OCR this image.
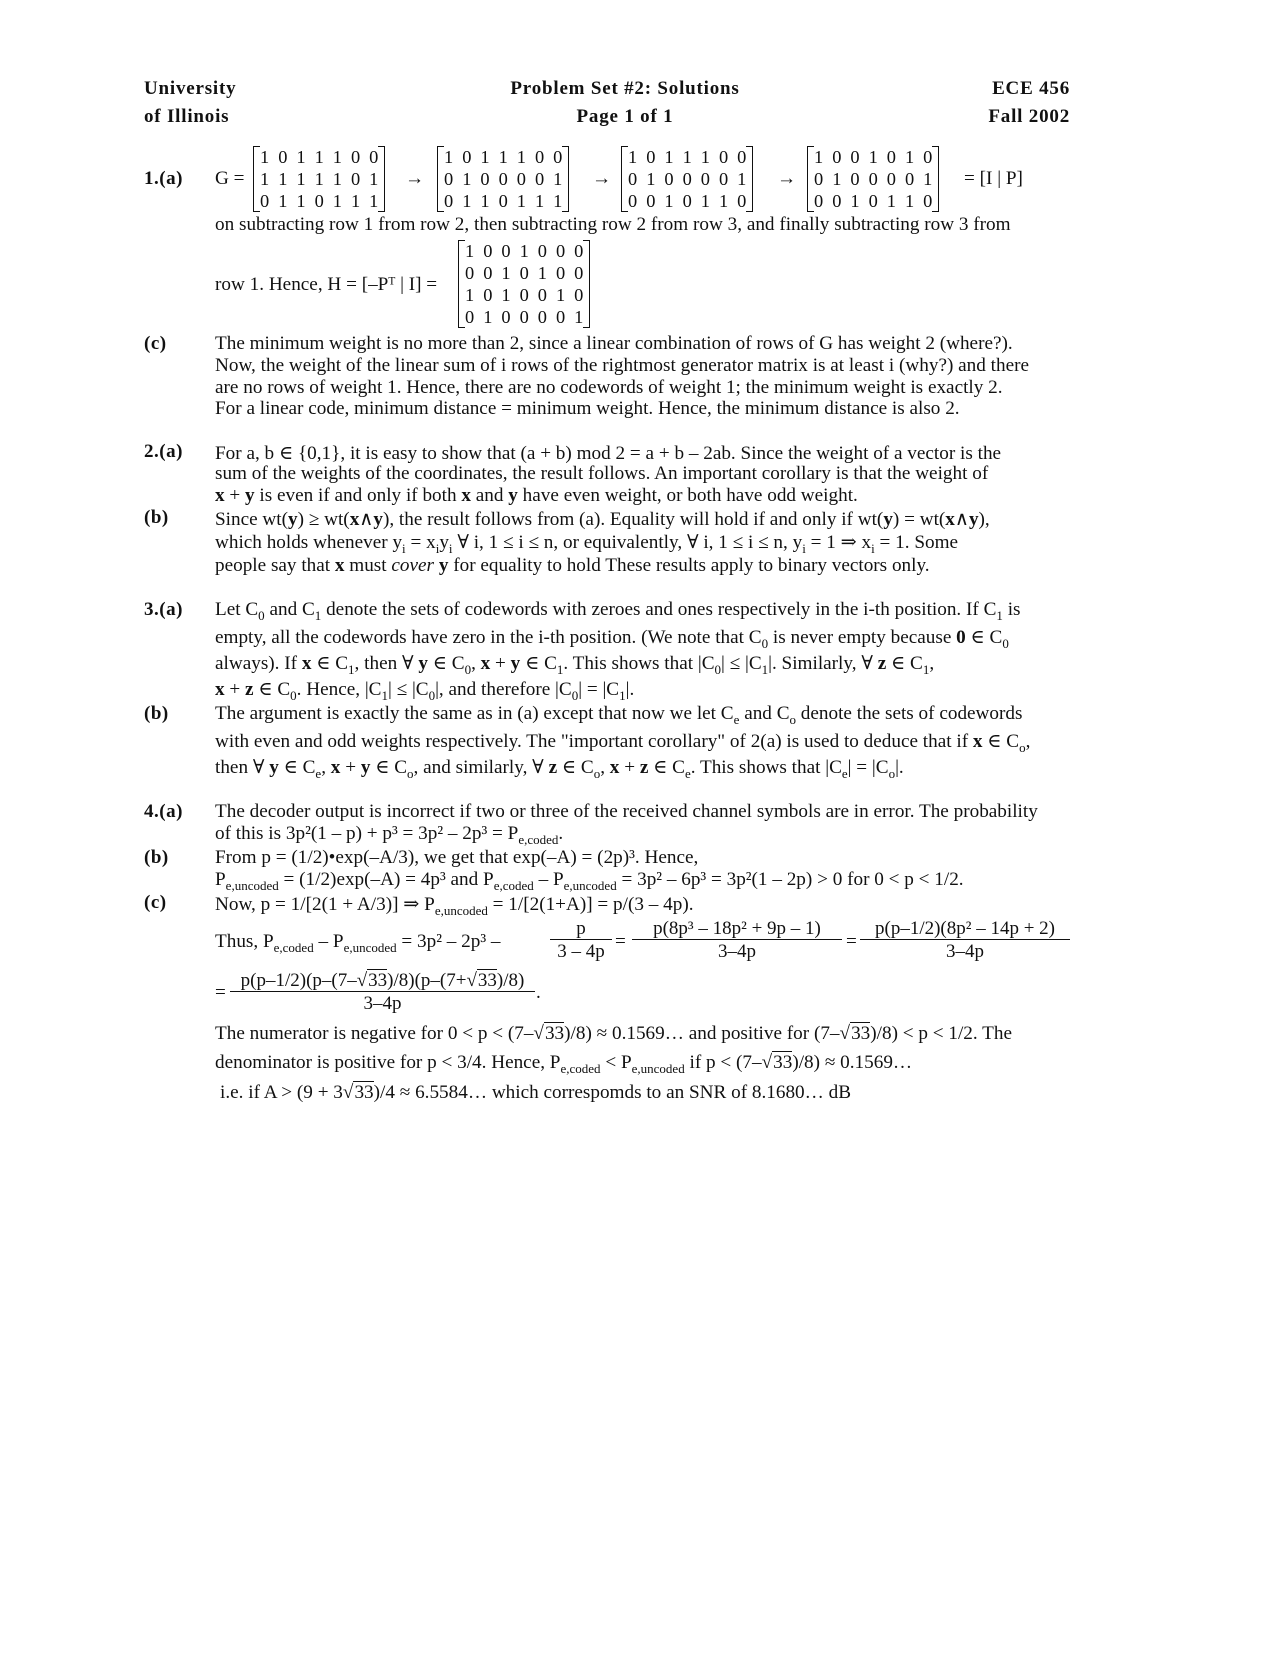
University
of Illinois
Problem Set #2: Solutions
Page 1 of 1
ECE 456
Fall 2002
1.(a) G =
1 0 1 1 1 0 0
1 1 1 1 1 0 1
0 1 1 0 1 1 1
→
1 0 1 1 1 0 0
0 1 0 0 0 0 1
0 1 1 0 1 1 1
→
1 0 1 1 1 0 0
0 1 0 0 0 0 1
0 0 1 0 1 1 0
→
1 0 0 1 0 1 0
0 1 0 0 0 0 1
0 0 1 0 1 1 0
= [I | P]
on subtracting row 1 from row 2, then subtracting row 2 from row 3, and finally subtracting row 3 from
row 1. Hence, H = [–Pᵀ | I] =
1 0 0 1 0 0 0
0 0 1 0 1 0 0
1 0 1 0 0 1 0
0 1 0 0 0 0 1
(c)	The minimum weight is no more than 2, since a linear combination of rows of G has weight 2 (where?).
Now, the weight of the linear sum of i rows of the rightmost generator matrix is at least i (why?) and there
are no rows of weight 1. Hence, there are no codewords of weight 1; the minimum weight is exactly 2.
For a linear code, minimum distance = minimum weight. Hence, the minimum distance is also 2.
2.(a) For a, b ∈ {0,1}, it is easy to show that (a + b) mod 2 = a + b – 2ab. Since the weight of a vector is the
sum of the weights of the coordinates, the result follows. An important corollary is that the weight of
x + y is even if and only if both x and y have even weight, or both have odd weight.
(b) Since wt(y) ≥ wt(x∧y), the result follows from (a). Equality will hold if and only if wt(y) = wt(x∧y),
which holds whenever $y_i = x_iy_i$ ∀ i, 1 ≤ i ≤ n, or equivalently, ∀ i, 1 ≤ i ≤ n, $y_i = 1$ ⇒ $x_i = 1$. Some
people say that x must cover y for equality to hold These results apply to binary vectors only.
3.(a) Let $C_0$ and $C_1$ denote the sets of codewords with zeroes and ones respectively in the i-th position. If $C_1$ is
empty, all the codewords have zero in the i-th position. (We note that $C_0$ is never empty because 0 ∈ $C_0$
always). If x ∈ $C_1$, then ∀ y ∈ $C_0$, x + y ∈ $C_1$. This shows that $|C_0| \le |C_1|$. Similarly, ∀ z ∈ $C_1$,
x + z ∈ $C_0$. Hence, $|C_1| \le |C_0|$, and therefore $|C_0| = |C_1|$.
(b) The argument is exactly the same as in (a) except that now we let $C_e$ and $C_o$ denote the sets of codewords
with even and odd weights respectively. The "important corollary" of 2(a) is used to deduce that if x ∈ $C_o$,
then ∀ y ∈ $C_e$, x + y ∈ $C_o$, and similarly, ∀ z ∈ $C_o$, x + z ∈ $C_e$. This shows that $|C_e| = |C_o|$.
4.(a) The decoder output is incorrect if two or three of the received channel symbols are in error. The probability
of this is $3p^2(1 - p) + p^3 = 3p^2 - 2p^3 = P_{e,coded}$.
(b) From p = (1/2)•exp(–A/3), we get that exp(–A) = (2p)³. Hence,
$P_{e,uncoded} = (1/2)\exp(-A) = 4p^3$ and $P_{e,coded} - P_{e,uncoded} = 3p^2 - 6p^3 = 3p^2(1 - 2p) > 0$ for 0 < p < 1/2.
(c)	Now, p = 1/[2(1 + A/3)] ⇒ $P_{e,uncoded} = 1/[2(1+A)] = p/(3 - 4p)$.
Thus, $P_{e,coded} - P_{e,uncoded} = 3p^2 - 2p^3$ –	$\frac{p}{3 - 4p} = \frac{\text{p(8p³ – 18p² + 9p – 1)}}{3-4p} = \frac{\text{p(p–1/2)(8p² – 14p + 2)}}{3-4p}$
= $\frac{p(p-1/2)(p-(7-√33)/8)(p-(7+√33)/8)}{3-4p}$ .
The numerator is negative for 0 < p < (7–√33)/8) ≈ 0.1569… and positive for (7–√33)/8) < p < 1/2. The
denominator is positive for p < 3/4. Hence, $P_{e,coded} < P_{e,uncoded}$ if p < (7–√33)/8) ≈ 0.1569…
i.e. if A > (9 + 3√33)/4 ≈ 6.5584… which correspomds to an SNR of 8.1680… dB
